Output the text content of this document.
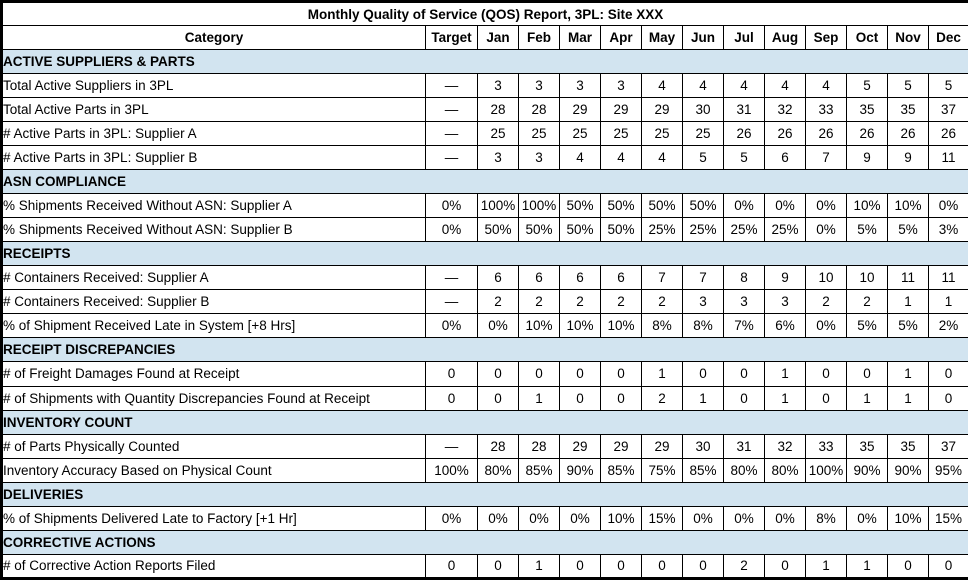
Monthly Quality of Service (QOS) Report, 3PL: Site XXX													
Category	Target	Jan	Feb	Mar	Apr	May	Jun	Jul	Aug	Sep	Oct	Nov	Dec
ACTIVE SUPPLIERS & PARTS													
Total Active Suppliers in 3PL	—	3	3	3	3	4	4	4	4	4	5	5	5
Total Active Parts in 3PL	—	28	28	29	29	29	30	31	32	33	35	35	37
# Active Parts in 3PL: Supplier A	—	25	25	25	25	25	25	26	26	26	26	26	26
# Active Parts in 3PL: Supplier B	—	3	3	4	4	4	5	5	6	7	9	9	11
ASN COMPLIANCE													
% Shipments Received Without ASN: Supplier A	0%	100%	100%	50%	50%	50%	50%	0%	0%	0%	10%	10%	0%
% Shipments Received Without ASN: Supplier B	0%	50%	50%	50%	50%	25%	25%	25%	25%	0%	5%	5%	3%
RECEIPTS													
# Containers Received: Supplier A	—	6	6	6	6	7	7	8	9	10	10	11	11
# Containers Received: Supplier B	—	2	2	2	2	2	3	3	3	2	2	1	1
% of Shipment Received Late in System [+8 Hrs]	0%	0%	10%	10%	10%	8%	8%	7%	6%	0%	5%	5%	2%
RECEIPT DISCREPANCIES													
# of Freight Damages Found at Receipt	0	0	0	0	0	1	0	0	1	0	0	1	0
# of Shipments with Quantity Discrepancies Found at Receipt	0	0	1	0	0	2	1	0	1	0	1	1	0
INVENTORY COUNT													
# of Parts Physically Counted	—	28	28	29	29	29	30	31	32	33	35	35	37
Inventory Accuracy Based on Physical Count	100%	80%	85%	90%	85%	75%	85%	80%	80%	100%	90%	90%	95%
DELIVERIES													
% of Shipments Delivered Late to Factory [+1 Hr]	0%	0%	0%	0%	10%	15%	0%	0%	0%	8%	0%	10%	15%
CORRECTIVE ACTIONS													
# of Corrective Action Reports Filed	0	0	1	0	0	0	0	2	0	1	1	0	0
